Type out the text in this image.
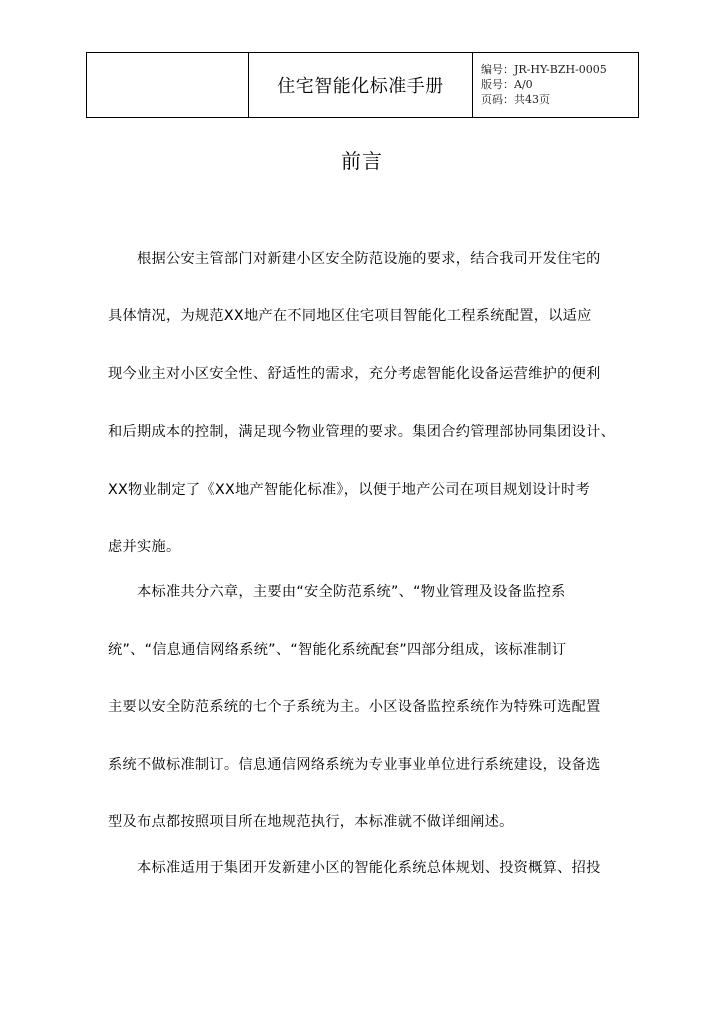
住宅智能化标准手册
编号：JR-HY-BZH-0005
版号：A/0
页码：共43页
前言
根据公安主管部门对新建小区安全防范设施的要求，结合我司开发住宅的
具体情况，为规范XX地产在不同地区住宅项目智能化工程系统配置，以适应
现今业主对小区安全性、舒适性的需求，充分考虑智能化设备运营维护的便利
和后期成本的控制，满足现今物业管理的要求。集团合约管理部协同集团设计、
XX物业制定了《XX地产智能化标准》，以便于地产公司在项目规划设计时考
虑并实施。
本标准共分六章，主要由“安全防范系统”、“物业管理及设备监控系
统”、“信息通信网络系统”、“智能化系统配套”四部分组成，该标准制订
主要以安全防范系统的七个子系统为主。小区设备监控系统作为特殊可选配置
系统不做标准制订。信息通信网络系统为专业事业单位进行系统建设，设备选
型及布点都按照项目所在地规范执行，本标准就不做详细阐述。
本标准适用于集团开发新建小区的智能化系统总体规划、投资概算、招投
